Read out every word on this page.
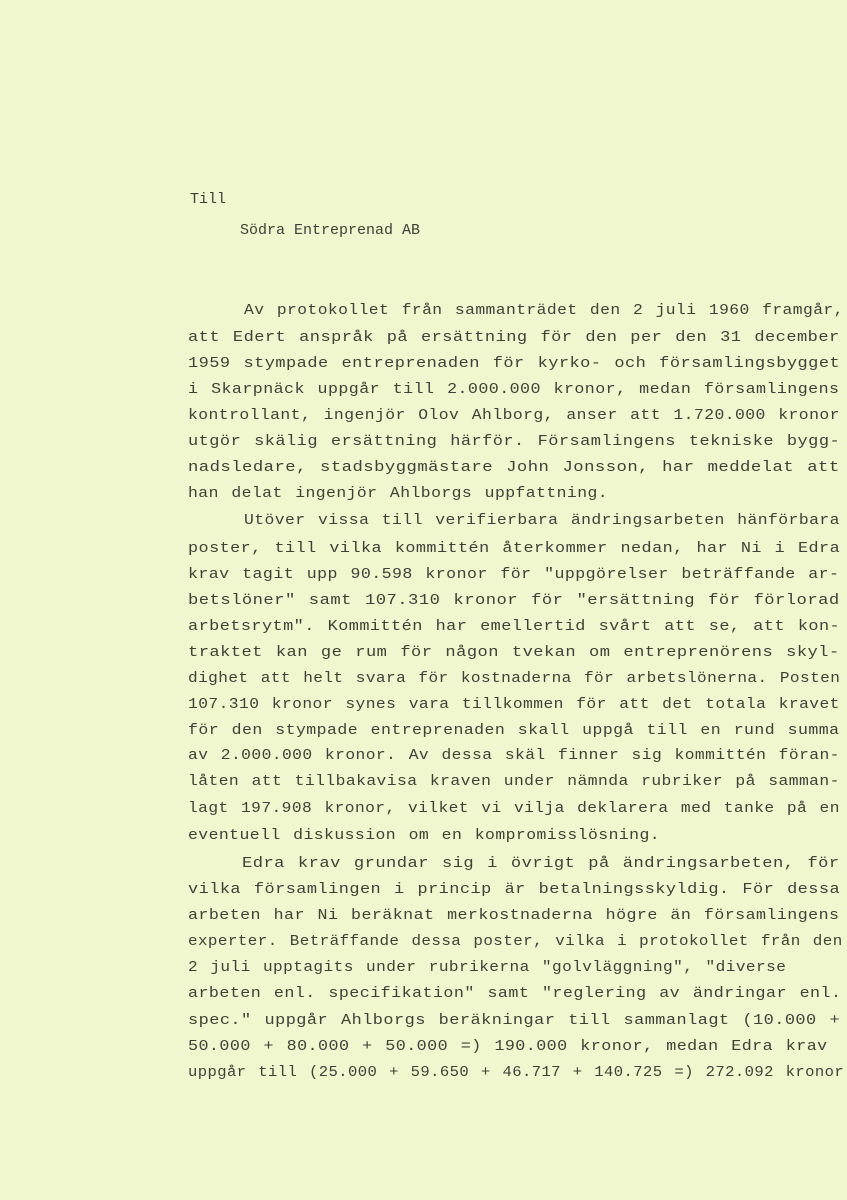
Till
Södra Entreprenad AB
Av protokollet från sammanträdet den 2 juli 1960 framgår,
att Edert anspråk på ersättning för den per den 31 december
1959 stympade entreprenaden för kyrko- och församlingsbygget
i Skarpnäck uppgår till 2.000.000 kronor, medan församlingens
kontrollant, ingenjör Olov Ahlborg, anser att 1.720.000 kronor
utgör skälig ersättning härför. Församlingens tekniske bygg-
nadsledare, stadsbyggmästare John Jonsson, har meddelat att
han delat ingenjör Ahlborgs uppfattning.
Utöver vissa till verifierbara ändringsarbeten hänförbara
poster, till vilka kommittén återkommer nedan, har Ni i Edra
krav tagit upp 90.598 kronor för "uppgörelser beträffande ar-
betslöner" samt 107.310 kronor för "ersättning för förlorad
arbetsrytm". Kommittén har emellertid svårt att se, att kon-
traktet kan ge rum för någon tvekan om entreprenörens skyl-
dighet att helt svara för kostnaderna för arbetslönerna. Posten
107.310 kronor synes vara tillkommen för att det totala kravet
för den stympade entreprenaden skall uppgå till en rund summa
av 2.000.000 kronor. Av dessa skäl finner sig kommittén föran-
låten att tillbakavisa kraven under nämnda rubriker på samman-
lagt 197.908 kronor, vilket vi vilja deklarera med tanke på en
eventuell diskussion om en kompromisslösning.
Edra krav grundar sig i övrigt på ändringsarbeten, för
vilka församlingen i princip är betalningsskyldig. För dessa
arbeten har Ni beräknat merkostnaderna högre än församlingens
experter. Beträffande dessa poster, vilka i protokollet från den
2 juli upptagits under rubrikerna "golvläggning", "diverse
arbeten enl. specifikation" samt "reglering av ändringar enl.
spec." uppgår Ahlborgs beräkningar till sammanlagt (10.000 +
50.000 + 80.000 + 50.000 =) 190.000 kronor, medan Edra krav
uppgår till (25.000 + 59.650 + 46.717 + 140.725 =) 272.092 kronor
